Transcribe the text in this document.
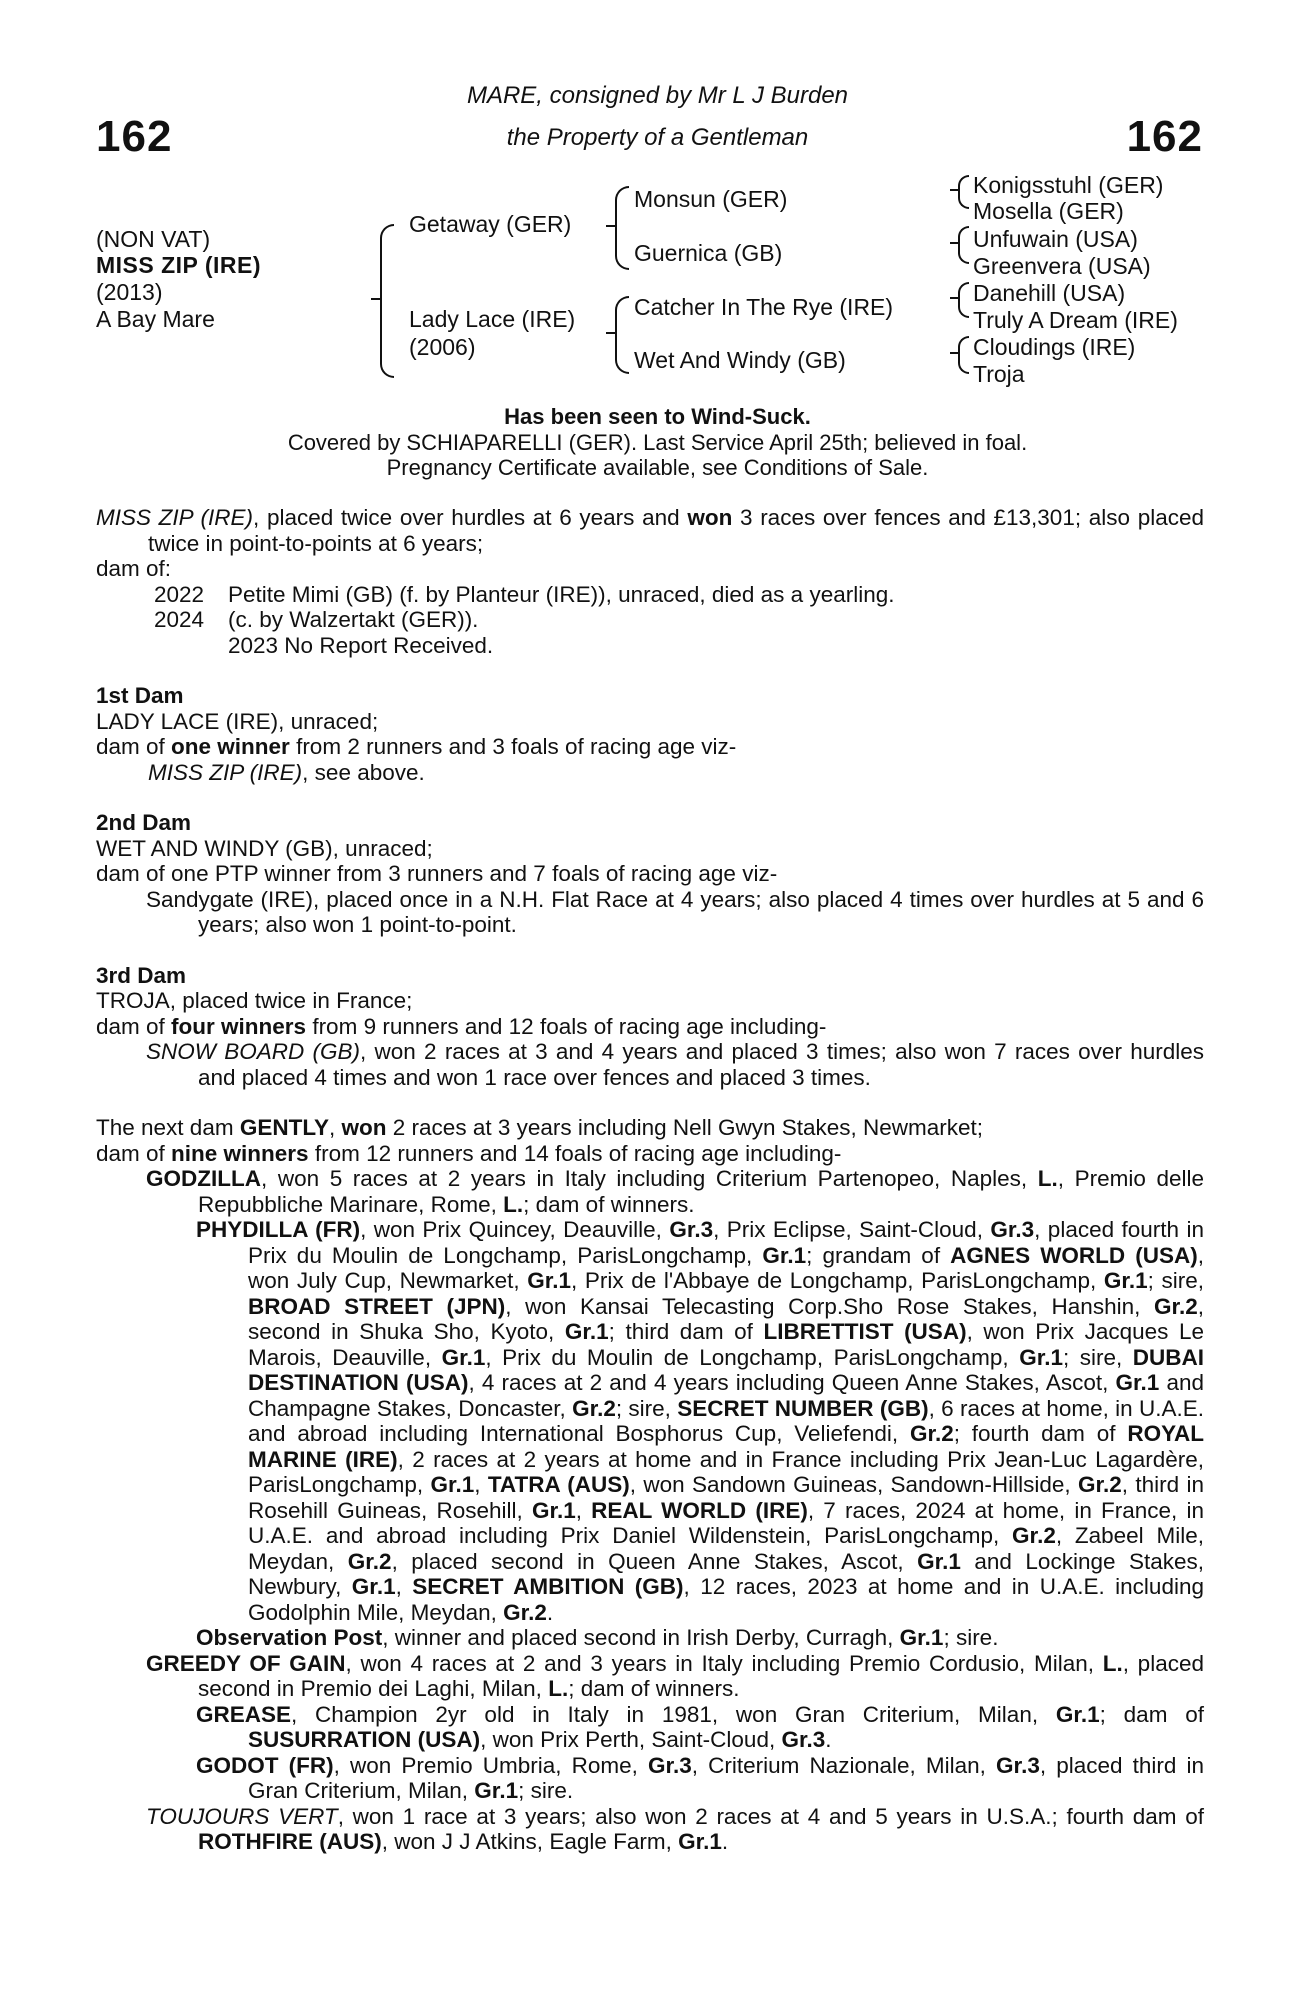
162	162
MARE, consigned by Mr L J Burden
the Property of a Gentleman
(NON VAT)
MISS ZIP (IRE)
(2013)
A Bay Mare
Getaway (GER)
Lady Lace (IRE)
(2006)
Monsun (GER)
Guernica (GB)
Catcher In The Rye (IRE)
Wet And Windy (GB)
Konigsstuhl (GER)
Mosella (GER)
Unfuwain (USA)
Greenvera (USA)
Danehill (USA)
Truly A Dream (IRE)
Cloudings (IRE)
Troja
Has been seen to Wind-Suck.
Covered by SCHIAPARELLI (GER). Last Service April 25th; believed in foal.
Pregnancy Certificate available, see Conditions of Sale.

MISS ZIP (IRE), placed twice over hurdles at 6 years and won 3 races over fences and £13,301; also placed twice in point-to-points at 6 years;

dam of:

2022 Petite Mimi (GB) (f. by Planteur (IRE)), unraced, died as a yearling.

2024 (c. by Walzertakt (GER)).

2023 No Report Received.

1st Dam

LADY LACE (IRE), unraced;

dam of one winner from 2 runners and 3 foals of racing age viz-

MISS ZIP (IRE), see above.

2nd Dam

WET AND WINDY (GB), unraced;

dam of one PTP winner from 3 runners and 7 foals of racing age viz-

Sandygate (IRE), placed once in a N.H. Flat Race at 4 years; also placed 4 times over hurdles at 5 and 6 years; also won 1 point-to-point.

3rd Dam

TROJA, placed twice in France;

dam of four winners from 9 runners and 12 foals of racing age including-

SNOW BOARD (GB), won 2 races at 3 and 4 years and placed 3 times; also won 7 races over hurdles and placed 4 times and won 1 race over fences and placed 3 times.

The next dam GENTLY, won 2 races at 3 years including Nell Gwyn Stakes, Newmarket;

dam of nine winners from 12 runners and 14 foals of racing age including-

GODZILLA, won 5 races at 2 years in Italy including Criterium Partenopeo, Naples, L., Premio delle Repubbliche Marinare, Rome, L.; dam of winners.

PHYDILLA (FR), won Prix Quincey, Deauville, Gr.3, Prix Eclipse, Saint-Cloud, Gr.3, placed fourth in Prix du Moulin de Longchamp, ParisLongchamp, Gr.1; grandam of AGNES WORLD (USA), won July Cup, Newmarket, Gr.1, Prix de l'Abbaye de Longchamp, ParisLongchamp, Gr.1; sire, BROAD STREET (JPN), won Kansai Telecasting Corp.Sho Rose Stakes, Hanshin, Gr.2, second in Shuka Sho, Kyoto, Gr.1; third dam of LIBRETTIST (USA), won Prix Jacques Le Marois, Deauville, Gr.1, Prix du Moulin de Longchamp, ParisLongchamp, Gr.1; sire, DUBAI DESTINATION (USA), 4 races at 2 and 4 years including Queen Anne Stakes, Ascot, Gr.1 and Champagne Stakes, Doncaster, Gr.2; sire, SECRET NUMBER (GB), 6 races at home, in U.A.E. and abroad including International Bosphorus Cup, Veliefendi, Gr.2; fourth dam of ROYAL MARINE (IRE), 2 races at 2 years at home and in France including Prix Jean-Luc Lagardère, ParisLongchamp, Gr.1, TATRA (AUS), won Sandown Guineas, Sandown-Hillside, Gr.2, third in Rosehill Guineas, Rosehill, Gr.1, REAL WORLD (IRE), 7 races, 2024 at home, in France, in U.A.E. and abroad including Prix Daniel Wildenstein, ParisLongchamp, Gr.2, Zabeel Mile, Meydan, Gr.2, placed second in Queen Anne Stakes, Ascot, Gr.1 and Lockinge Stakes, Newbury, Gr.1, SECRET AMBITION (GB), 12 races, 2023 at home and in U.A.E. including Godolphin Mile, Meydan, Gr.2.

Observation Post, winner and placed second in Irish Derby, Curragh, Gr.1; sire.

GREEDY OF GAIN, won 4 races at 2 and 3 years in Italy including Premio Cordusio, Milan, L., placed second in Premio dei Laghi, Milan, L.; dam of winners.

GREASE, Champion 2yr old in Italy in 1981, won Gran Criterium, Milan, Gr.1; dam of SUSURRATION (USA), won Prix Perth, Saint-Cloud, Gr.3.

GODOT (FR), won Premio Umbria, Rome, Gr.3, Criterium Nazionale, Milan, Gr.3, placed third in Gran Criterium, Milan, Gr.1; sire.

TOUJOURS VERT, won 1 race at 3 years; also won 2 races at 4 and 5 years in U.S.A.; fourth dam of ROTHFIRE (AUS), won J J Atkins, Eagle Farm, Gr.1.
